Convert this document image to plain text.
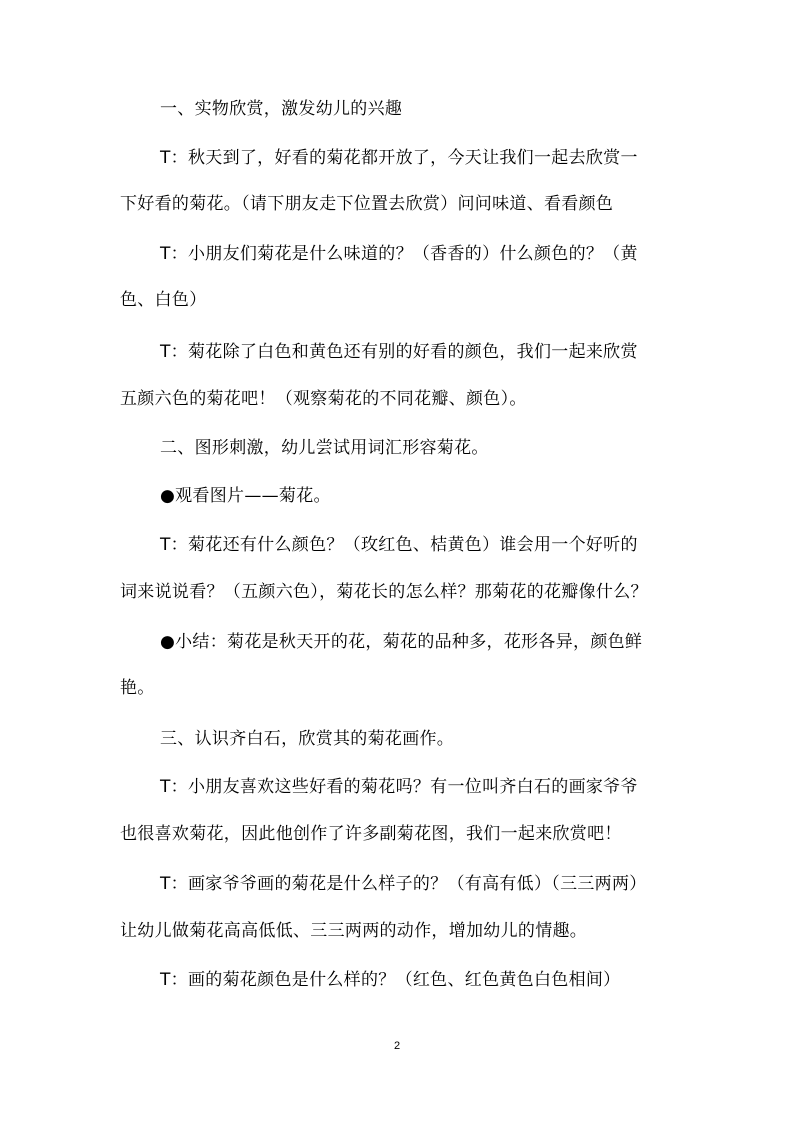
一、实物欣赏，激发幼儿的兴趣

T：秋天到了，好看的菊花都开放了，今天让我们一起去欣赏一

下好看的菊花。（请下朋友走下位置去欣赏）问问味道、看看颜色

T：小朋友们菊花是什么味道的？（香香的）什么颜色的？（黄

色、白色）

T：菊花除了白色和黄色还有别的好看的颜色，我们一起来欣赏

五颜六色的菊花吧！（观察菊花的不同花瓣、颜色）。

二、图形刺激，幼儿尝试用词汇形容菊花。

●观看图片——菊花。

T：菊花还有什么颜色？（玫红色、桔黄色）谁会用一个好听的

词来说说看？（五颜六色），菊花长的怎么样？那菊花的花瓣像什么？

●小结：菊花是秋天开的花，菊花的品种多，花形各异，颜色鲜

艳。

三、认识齐白石，欣赏其的菊花画作。

T：小朋友喜欢这些好看的菊花吗？有一位叫齐白石的画家爷爷

也很喜欢菊花，因此他创作了许多副菊花图，我们一起来欣赏吧！

T：画家爷爷画的菊花是什么样子的？（有高有低）（三三两两）

让幼儿做菊花高高低低、三三两两的动作，增加幼儿的情趣。

T：画的菊花颜色是什么样的？（红色、红色黄色白色相间）

2
